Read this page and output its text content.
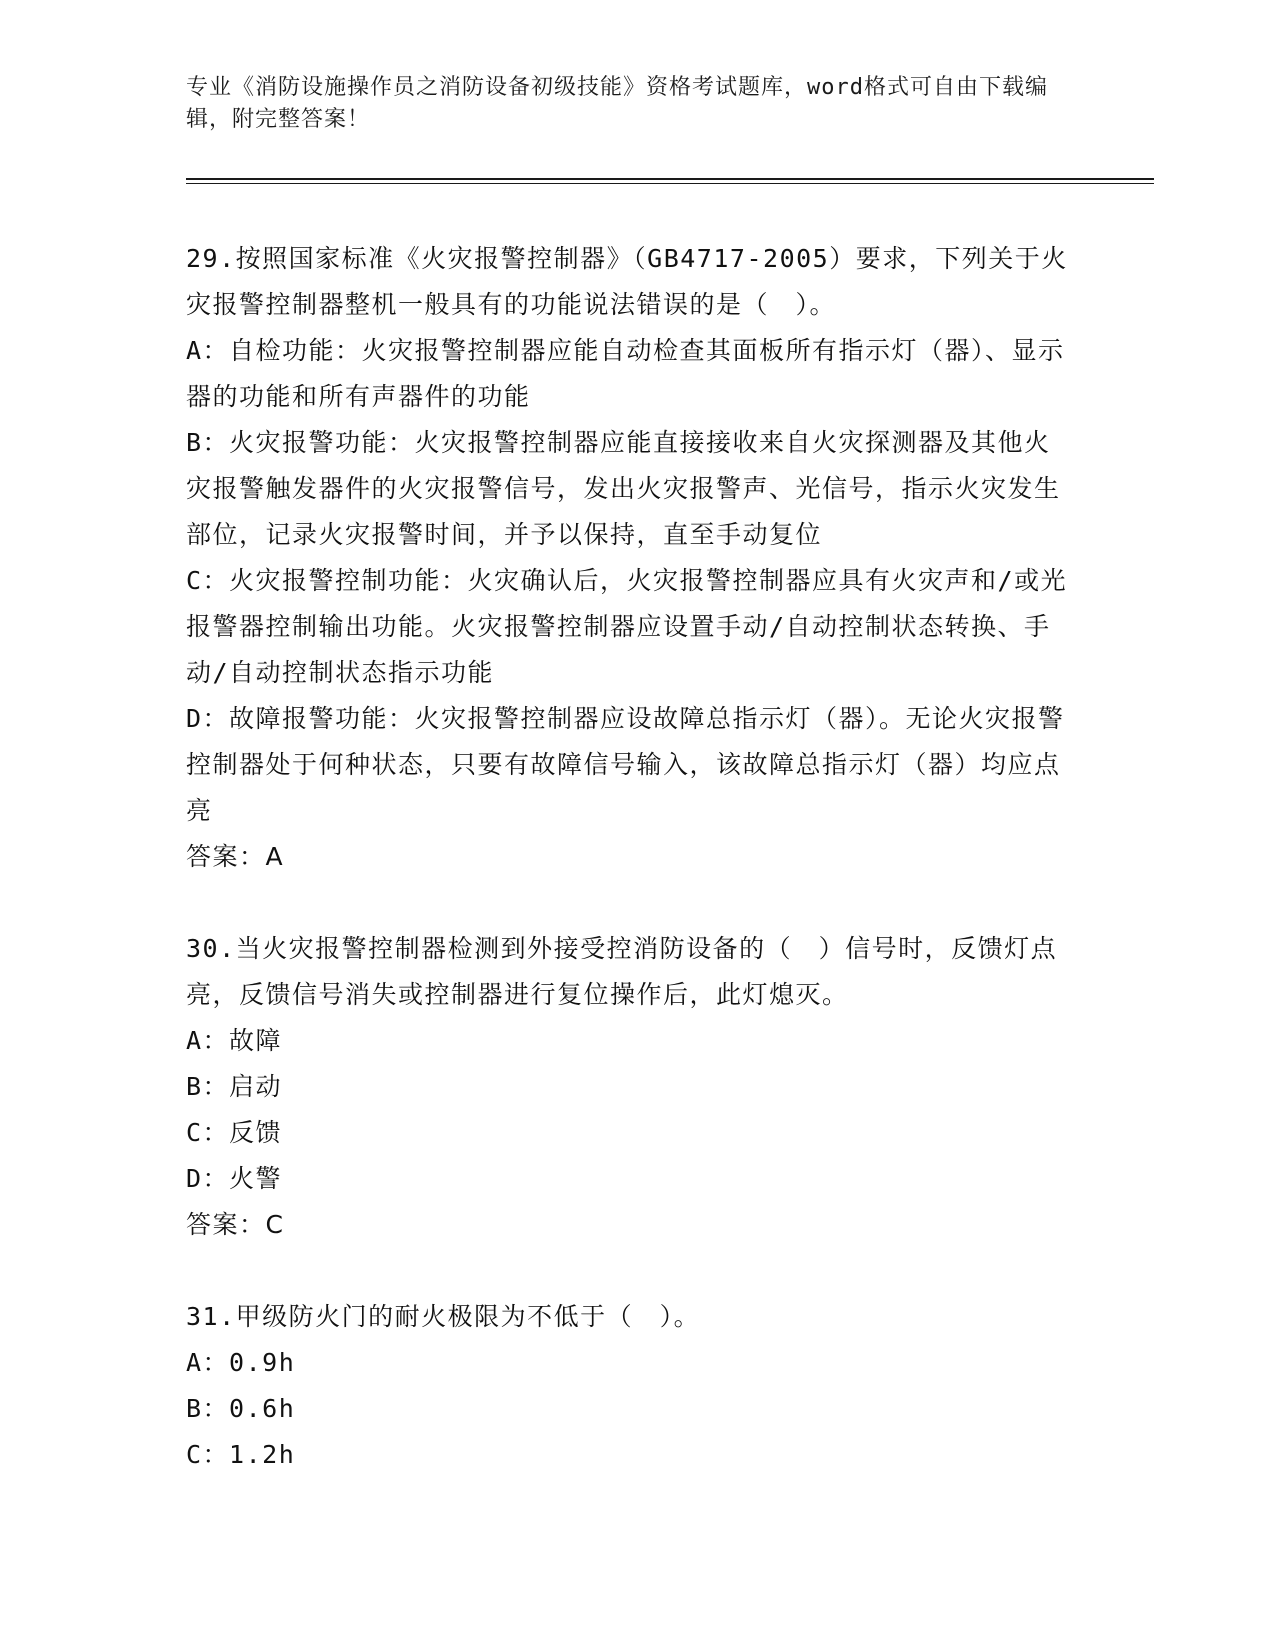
专业《消防设施操作员之消防设备初级技能》资格考试题库，word格式可自由下载编辑，附完整答案！

29.按照国家标准《火灾报警控制器》（GB4717-2005）要求，下列关于火灾报警控制器整机一般具有的功能说法错误的是（　）。

A：自检功能：火灾报警控制器应能自动检查其面板所有指示灯（器）、显示器的功能和所有声器件的功能

B：火灾报警功能：火灾报警控制器应能直接接收来自火灾探测器及其他火灾报警触发器件的火灾报警信号，发出火灾报警声、光信号，指示火灾发生部位，记录火灾报警时间，并予以保持，直至手动复位

C：火灾报警控制功能：火灾确认后，火灾报警控制器应具有火灾声和/或光报警器控制输出功能。火灾报警控制器应设置手动/自动控制状态转换、手动/自动控制状态指示功能

D：故障报警功能：火灾报警控制器应设故障总指示灯（器）。无论火灾报警控制器处于何种状态，只要有故障信号输入，该故障总指示灯（器）均应点亮

答案：A

30.当火灾报警控制器检测到外接受控消防设备的（　）信号时，反馈灯点亮，反馈信号消失或控制器进行复位操作后，此灯熄灭。

A：故障

B：启动

C：反馈

D：火警

答案：C

31.甲级防火门的耐火极限为不低于（　）。

A：0.9h

B：0.6h

C：1.2h
